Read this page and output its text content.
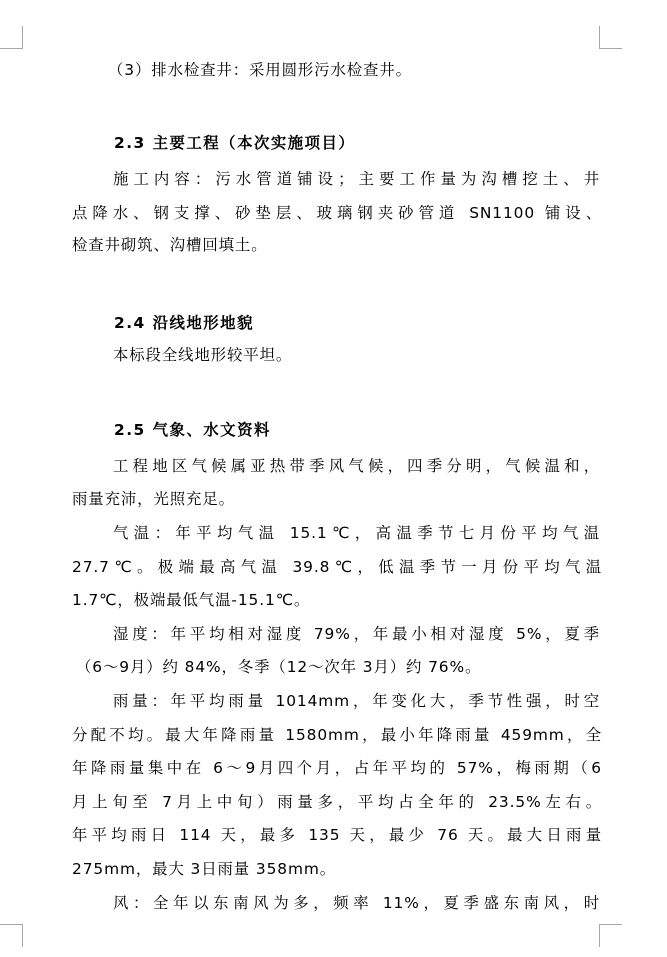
（3）排水检查井：采用圆形污水检查井。
2.3 主要工程（本次实施项目）
施工内容：污水管道铺设；主要工作量为沟槽挖土、井
点降水、钢支撑、砂垫层、玻璃钢夹砂管道 SN1100 铺设、
检查井砌筑、沟槽回填土。
2.4 沿线地形地貌
本标段全线地形较平坦。
2.5 气象、水文资料
工程地区气候属亚热带季风气候，四季分明，气候温和，
雨量充沛，光照充足。
气温：年平均气温 15.1℃，高温季节七月份平均气温
27.7℃。极端最高气温 39.8℃，低温季节一月份平均气温
1.7℃，极端最低气温-15.1℃。
湿度：年平均相对湿度 79%，年最小相对湿度 5%，夏季
（6～9月）约 84%，冬季（12～次年 3月）约 76%。
雨量：年平均雨量 1014mm，年变化大，季节性强，时空
分配不均。最大年降雨量 1580mm，最小年降雨量 459mm，全
年降雨量集中在 6～9月四个月，占年平均的 57%，梅雨期（6
月上旬至 7月上中旬）雨量多，平均占全年的 23.5%左右。
年平均雨日 114 天，最多 135 天，最少 76 天。最大日雨量
275mm，最大 3日雨量 358mm。
风：全年以东南风为多，频率 11%，夏季盛东南风，时
